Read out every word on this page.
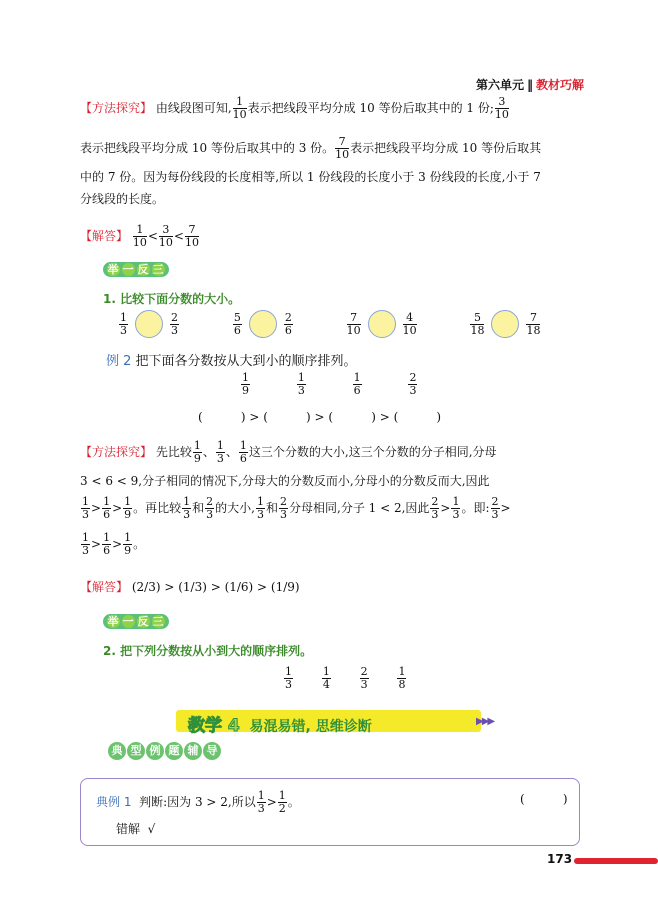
第六单元 ‖ 教材巧解
【方法探究】 由线段图可知, $\frac{1}{10}$ 表示把线段平均分成 10 等份后取其中的 1 份; $\frac{3}{10}$
表示把线段平均分成 10 等份后取其中的 3 份。 $\frac{7}{10}$ 表示把线段平均分成 10 等份后取其
中的 7 份。因为每份线段的长度相等,所以 1 份线段的长度小于 3 份线段的长度,小于 7
分线段的长度。
【解答】 $\frac{1}{10} < \frac{3}{10} < \frac{7}{10}$
举 一 反 三
1. 比较下面分数的大小。
$\frac{1}{3}$	$\frac{2}{3}$
	$\frac{5}{6}$	$\frac{2}{6}$
	$\frac{7}{10}$	$\frac{4}{10}$
	$\frac{5}{18}$	$\frac{7}{18}$
例 2 把下面各分数按从大到小的顺序排列。
$\frac{1}{9}$
	$\frac{1}{3}$
	$\frac{1}{6}$
	$\frac{2}{3}$
(          ) > (          ) > (          ) > (          )
【方法探究】 先比较 $\frac{1}{9}$ 、 $\frac{1}{3}$ 、 $\frac{1}{6}$ 这三个分数的大小,这三个分数的分子相同,分母
3 < 6 < 9,分子相同的情况下,分母大的分数反而小,分母小的分数反而大,因此
$\frac{1}{3} > \frac{1}{6} > \frac{1}{9}$ 。再比较 $\frac{1}{3}$ 和 $\frac{2}{3}$ 的大小, $\frac{1}{3}$ 和 $\frac{2}{3}$ 分母相同,分子 1 < 2,因此 $\frac{2}{3} > \frac{1}{3}$ 。即: $\frac{2}{3}$ >
$\frac{1}{3} > \frac{1}{6} > \frac{1}{9}$ 。
【解答】 (2/3) > (1/3) > (1/6) > (1/9)
举 一 反 三
2. 把下列分数按从小到大的顺序排列。
$\frac{1}{3}$
	$\frac{1}{4}$
	$\frac{2}{3}$
	$\frac{1}{8}$
教学 4 易混易错, 思维诊断	▶▶▶
典 型 例 题 辅 导
典例 1 判断:因为 3 > 2,所以 $\frac{1}{3} > \frac{1}{2}$ 。	(          )
错解 √
173
